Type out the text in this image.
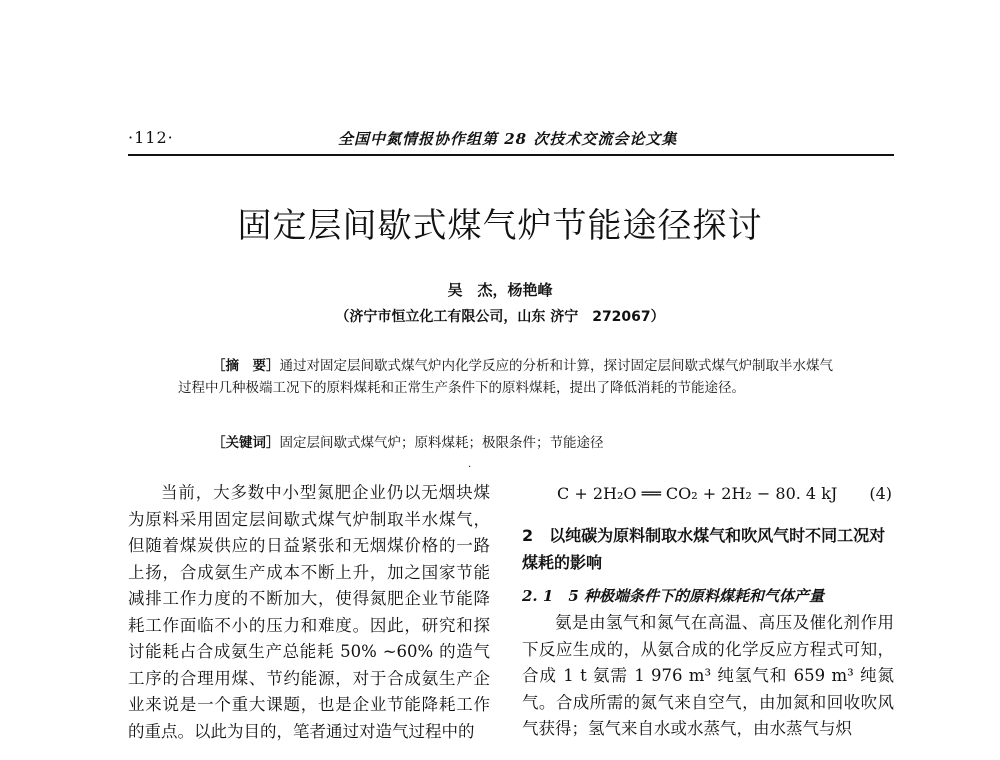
·112·	全国中氮情报协作组第 28 次技术交流会论文集
固定层间歇式煤气炉节能途径探讨
吴　杰，杨艳峰
（济宁市恒立化工有限公司，山东 济宁　272067）
［摘　要］通过对固定层间歇式煤气炉内化学反应的分析和计算，探讨固定层间歇式煤气炉制取半水煤气过程中几种极端工况下的原料煤耗和正常生产条件下的原料煤耗，提出了降低消耗的节能途径。
［关键词］固定层间歇式煤气炉；原料煤耗；极限条件；节能途径
·
当前，大多数中小型氮肥企业仍以无烟块煤为原料采用固定层间歇式煤气炉制取半水煤气，但随着煤炭供应的日益紧张和无烟煤价格的一路上扬，合成氨生产成本不断上升，加之国家节能减排工作力度的不断加大，使得氮肥企业节能降耗工作面临不小的压力和难度。因此，研究和探讨能耗占合成氨生产总能耗 50% ~60% 的造气工序的合理用煤、节约能源，对于合成氨生产企业来说是一个重大课题，也是企业节能降耗工作的重点。以此为目的，笔者通过对造气过程中的
C + 2H₂O ══ CO₂ + 2H₂ − 80. 4 kJ (4)
2　以纯碳为原料制取水煤气和吹风气时不同工况对煤耗的影响
2. 1　5 种极端条件下的原料煤耗和气体产量
氨是由氢气和氮气在高温、高压及催化剂作用下反应生成的，从氨合成的化学反应方程式可知，合成 1 t 氨需 1 976 m³ 纯氢气和 659 m³ 纯氮气。合成所需的氮气来自空气，由加氮和回收吹风气获得；氢气来自水或水蒸气，由水蒸气与炽
